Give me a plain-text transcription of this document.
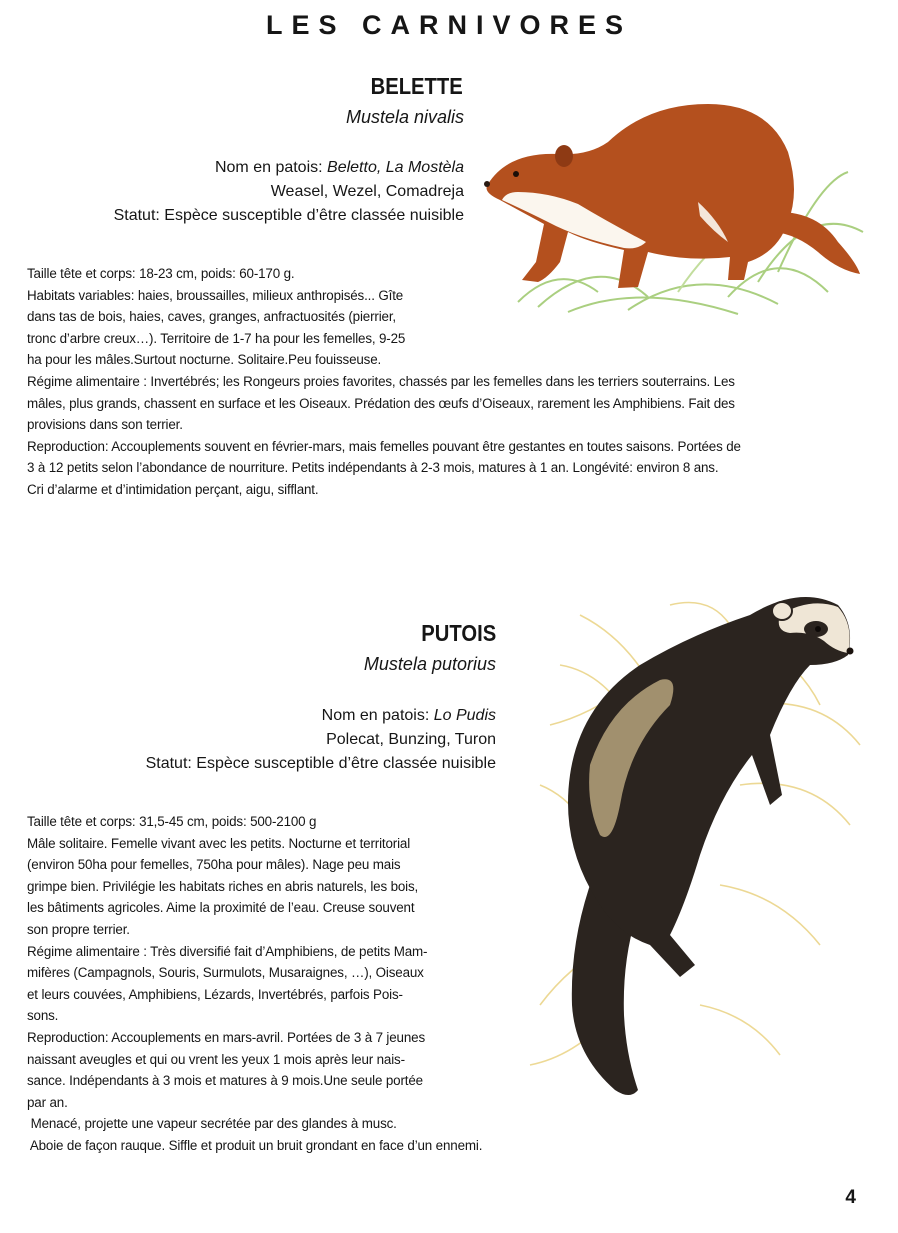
LES CARNIVORES
BELETTE
Mustela nivalis
Nom en patois: Beletto, La Mostèla
Weasel, Wezel, Comadreja
Statut: Espèce susceptible d’être classée nuisible

Taille tête et corps: 18-23 cm, poids: 60-170 g.

Habitats variables: haies, broussailles, milieux anthropisés... Gîte

dans tas de bois, haies, caves, granges, anfractuosités (pierrier,

tronc d’arbre creux…). Territoire de 1-7 ha pour les femelles, 9-25

ha pour les mâles.Surtout nocturne. Solitaire.Peu fouisseuse.

Régime alimentaire : Invertébrés; les Rongeurs proies favorites, chassés par les femelles dans les terriers souterrains. Les

mâles, plus grands, chassent en surface et les Oiseaux. Prédation des œufs d’Oiseaux, rarement les Amphibiens. Fait des

provisions dans son terrier.

Reproduction: Accouplements souvent en février-mars, mais femelles pouvant être gestantes en toutes saisons. Portées de

3 à 12 petits selon l’abondance de nourriture. Petits indépendants à 2-3 mois, matures à 1 an. Longévité: environ 8 ans.

Cri d’alarme et d’intimidation perçant, aigu, sifflant.

PUTOIS
Mustela putorius
Nom en patois: Lo Pudis
Polecat, Bunzing, Turon
Statut: Espèce susceptible d’être classée nuisible

Taille tête et corps: 31,5-45 cm, poids: 500-2100 g

Mâle solitaire. Femelle vivant avec les petits. Nocturne et territorial

(environ 50ha pour femelles, 750ha pour mâles). Nage peu mais

grimpe bien. Privilégie les habitats riches en abris naturels, les bois,

les bâtiments agricoles. Aime la proximité de l’eau. Creuse souvent

son propre terrier.

Régime alimentaire : Très diversifié fait d’Amphibiens, de petits Mam-

mifères (Campagnols, Souris, Surmulots, Musaraignes, …), Oiseaux

et leurs couvées, Amphibiens, Lézards, Invertébrés, parfois Pois-

sons.

Reproduction: Accouplements en mars-avril. Portées de 3 à 7 jeunes

naissant aveugles et qui ou vrent les yeux 1 mois après leur nais-

sance. Indépendants à 3 mois et matures à 9 mois.Une seule portée

par an.

Menacé, projette une vapeur secrétée par des glandes à musc.

Aboie de façon rauque. Siffle et produit un bruit grondant en face d’un ennemi.

4
